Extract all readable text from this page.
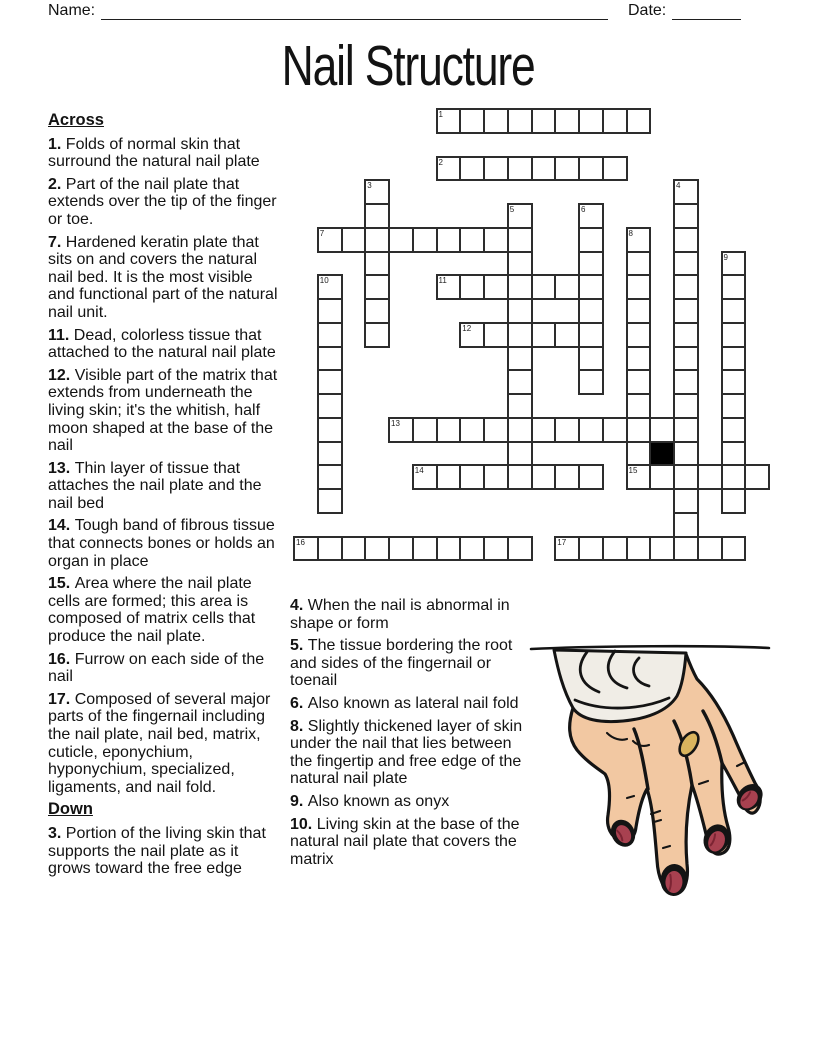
Name:	Date:
Nail Structure
1
2
3	4
5	6
7	8
15
9
10	11
12
13
14
16	17
Across
1. Folds of normal skin that surround the natural nail plate
2. Part of the nail plate that extends over the tip of the finger or toe.
7. Hardened keratin plate that sits on and covers the natural nail bed. It is the most visible and functional part of the natural nail unit.
11. Dead, colorless tissue that attached to the natural nail plate
12. Visible part of the matrix that extends from underneath the living skin; it's the whitish, half moon shaped at the base of the nail
13. Thin layer of tissue that attaches the nail plate and the nail bed
14. Tough band of fibrous tissue that connects bones or holds an organ in place
15. Area where the nail plate cells are formed; this area is composed of matrix cells that produce the nail plate.
16. Furrow on each side of the nail
17. Composed of several major parts of the fingernail including the nail plate, nail bed, matrix, cuticle, eponychium, hyponychium, specialized, ligaments, and nail fold.
Down
3. Portion of the living skin that supports the nail plate as it grows toward the free edge
4. When the nail is abnormal in shape or form
5. The tissue bordering the root and sides of the fingernail or toenail
6. Also known as lateral nail fold
8. Slightly thickened layer of skin under the nail that lies between the fingertip and free edge of the natural nail plate
9. Also known as onyx
10. Living skin at the base of the natural nail plate that covers the matrix
